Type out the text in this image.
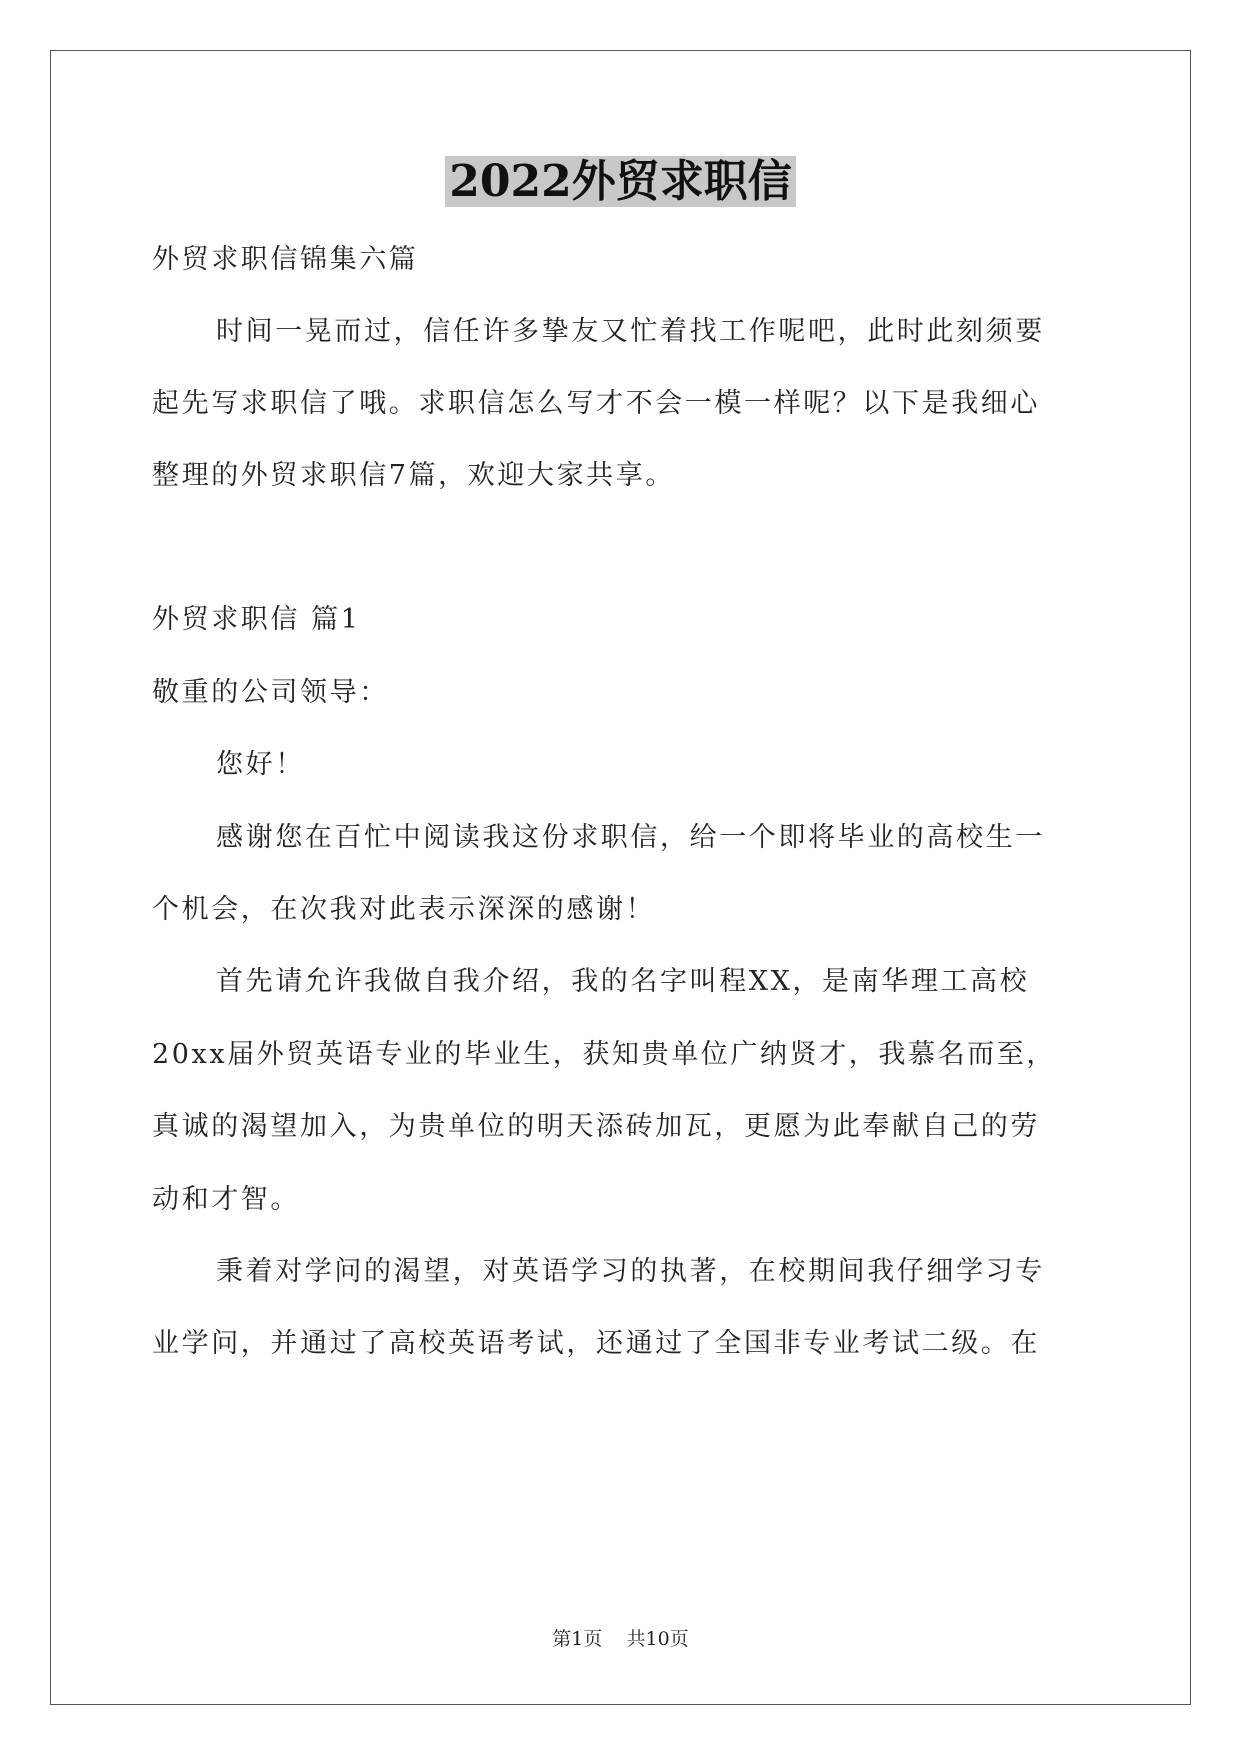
2022外贸求职信
外贸求职信锦集六篇
时间一晃而过，信任许多挚友又忙着找工作呢吧，此时此刻须要
起先写求职信了哦。求职信怎么写才不会一模一样呢？以下是我细心
整理的外贸求职信7篇，欢迎大家共享。
外贸求职信 篇1
敬重的公司领导：
您好！
感谢您在百忙中阅读我这份求职信，给一个即将毕业的高校生一
个机会，在次我对此表示深深的感谢！
首先请允许我做自我介绍，我的名字叫程XX，是南华理工高校
20xx届外贸英语专业的毕业生，获知贵单位广纳贤才，我慕名而至，
真诚的渴望加入，为贵单位的明天添砖加瓦，更愿为此奉献自己的劳
动和才智。
秉着对学问的渴望，对英语学习的执著，在校期间我仔细学习专
业学问，并通过了高校英语考试，还通过了全国非专业考试二级。在
第1页    共10页
